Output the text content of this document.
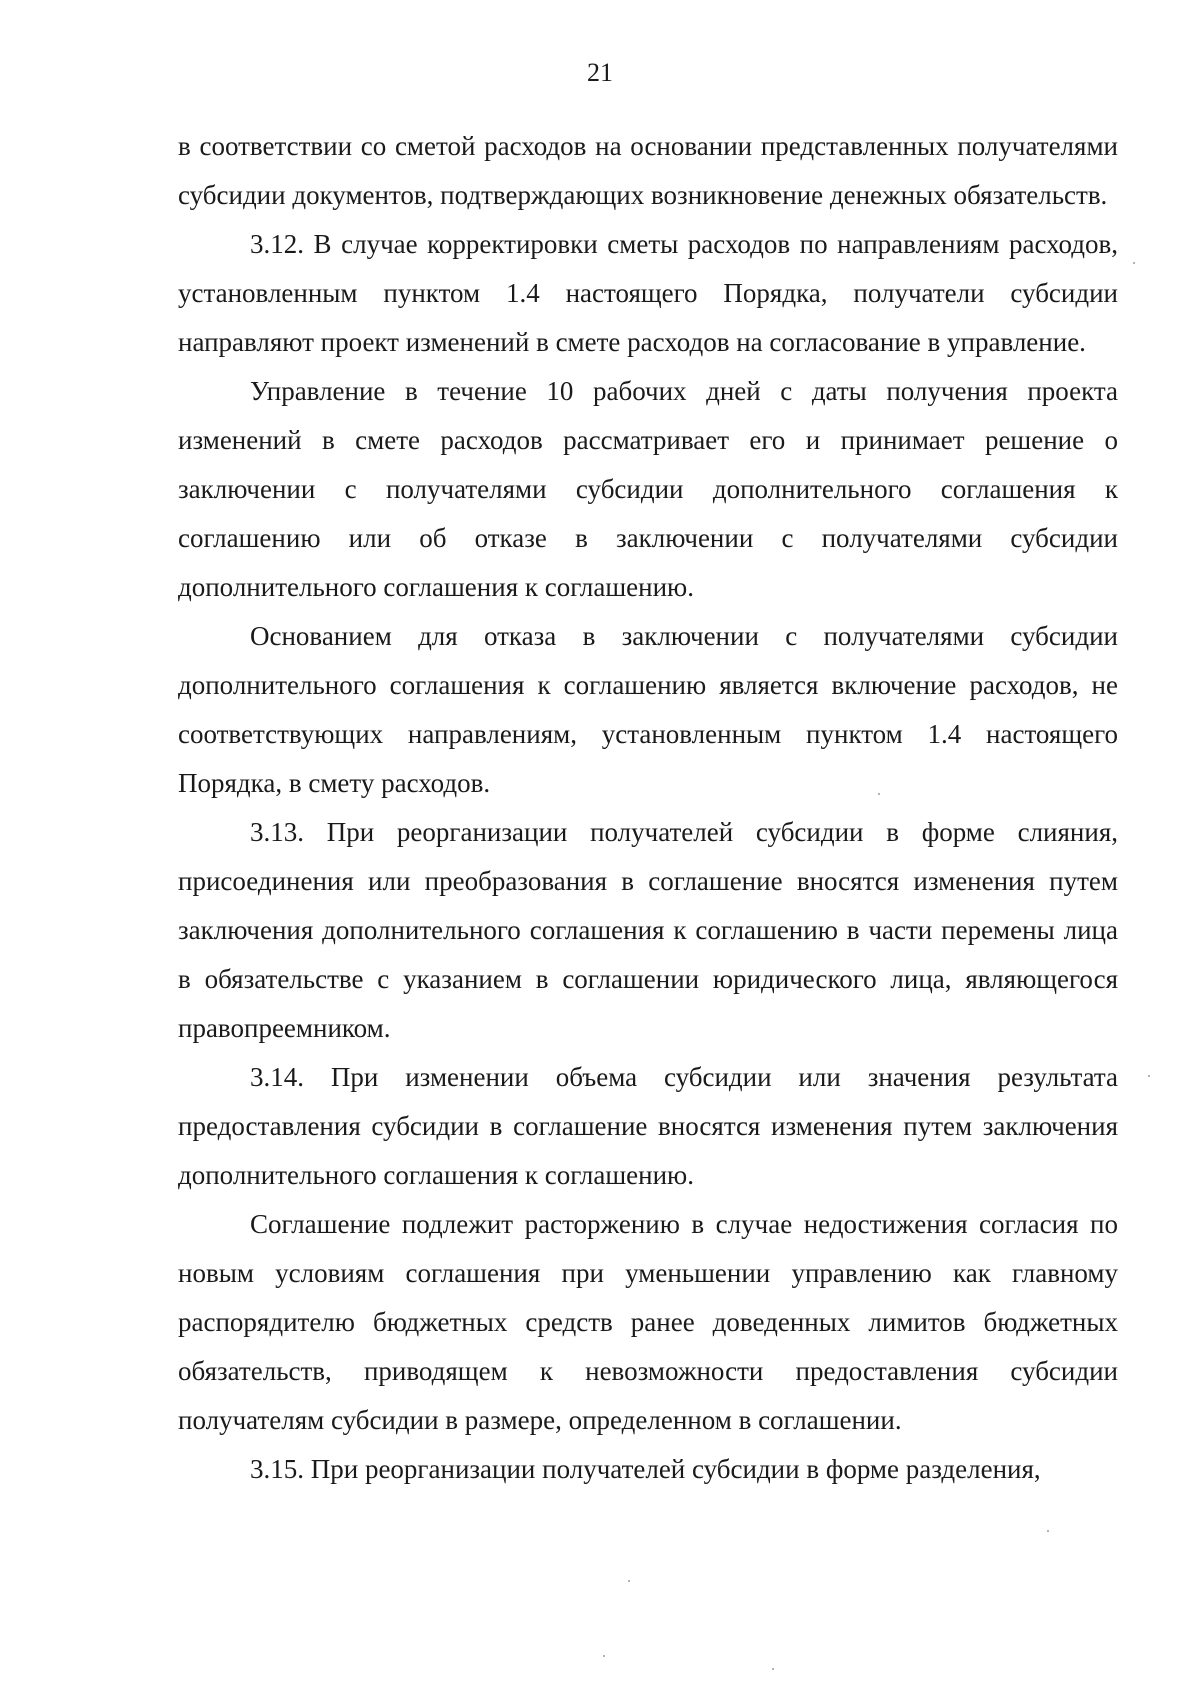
21

в соответствии со сметой расходов на основании представленных получателями субсидии документов, подтверждающих возникновение денежных обязательств.

3.12. В случае корректировки сметы расходов по направлениям расходов, установленным пунктом 1.4 настоящего Порядка, получатели субсидии направляют проект изменений в смете расходов на согласование в управление.

Управление в течение 10 рабочих дней с даты получения проекта изменений в смете расходов рассматривает его и принимает решение о заключении с получателями субсидии дополнительного соглашения к соглашению или об отказе в заключении с получателями субсидии дополнительного соглашения к соглашению.

Основанием для отказа в заключении с получателями субсидии дополнительного соглашения к соглашению является включение расходов, не соответствующих направлениям, установленным пунктом 1.4 настоящего Порядка, в смету расходов.

3.13. При реорганизации получателей субсидии в форме слияния, присоединения или преобразования в соглашение вносятся изменения путем заключения дополнительного соглашения к соглашению в части перемены лица в обязательстве с указанием в соглашении юридического лица, являющегося правопреемником.

3.14. При изменении объема субсидии или значения результата предоставления субсидии в соглашение вносятся изменения путем заключения дополнительного соглашения к соглашению.

Соглашение подлежит расторжению в случае недостижения согласия по новым условиям соглашения при уменьшении управлению как главному распорядителю бюджетных средств ранее доведенных лимитов бюджетных обязательств, приводящем к невозможности предоставления субсидии получателям субсидии в размере, определенном в соглашении.

3.15. При реорганизации получателей субсидии в форме разделения,
